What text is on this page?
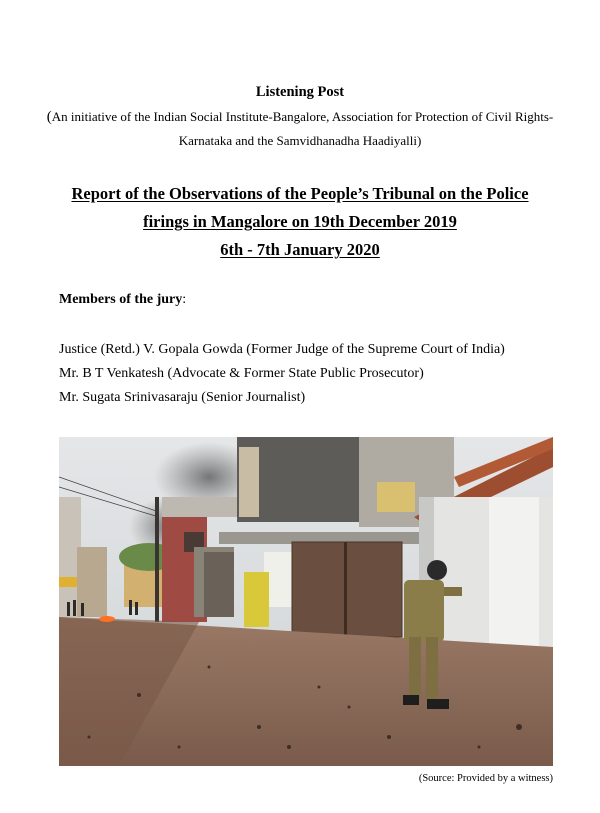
Listening Post
(An initiative of the Indian Social Institute-Bangalore, Association for Protection of Civil Rights-
Karnataka and the Samvidhanadha Haadiyalli)
Report of the Observations of the People’s Tribunal on the Police
firings in Mangalore on 19th December 2019
6th - 7th January 2020
Members of the jury:
Justice (Retd.) V. Gopala Gowda (Former Judge of the Supreme Court of India)
Mr. B T Venkatesh (Advocate & Former State Public Prosecutor)
Mr. Sugata Srinivasaraju (Senior Journalist)
(Source: Provided by a witness)
